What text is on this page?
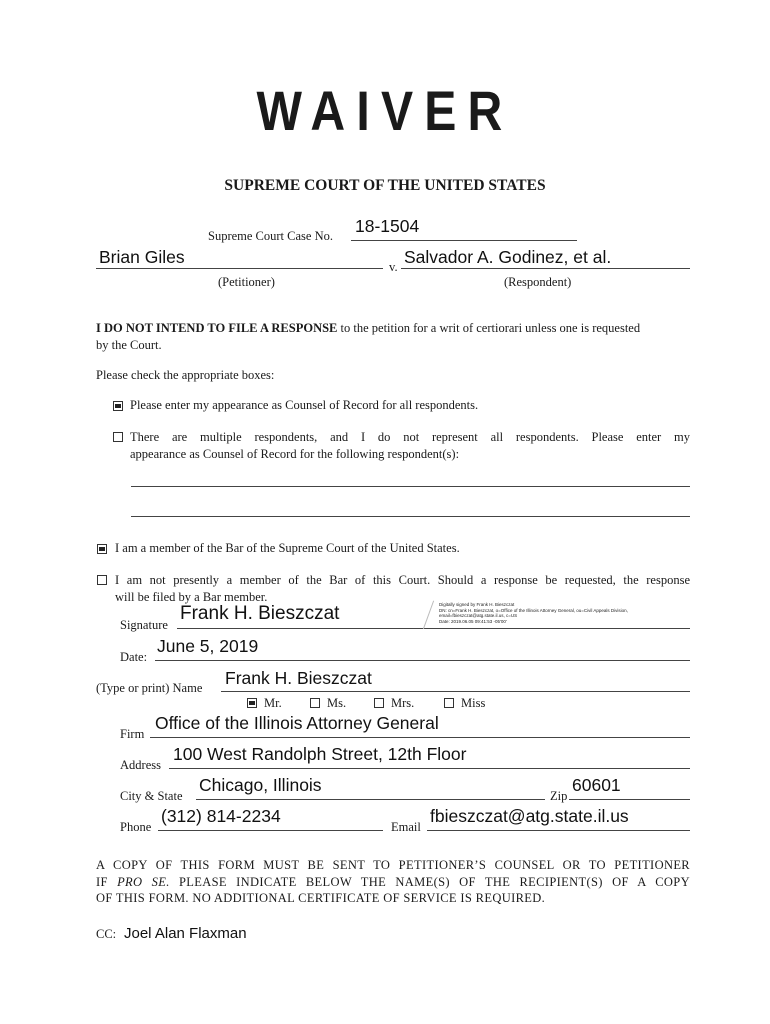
WAIVER
SUPREME COURT OF THE UNITED STATES
Supreme Court Case No. 18-1504
Brian Giles	v. Salvador A. Godinez, et al.
(Petitioner)	(Respondent)
I DO NOT INTEND TO FILE A RESPONSE to the petition for a writ of certiorari unless one is requested
by the Court.
Please check the appropriate boxes:
Please enter my appearance as Counsel of Record for all respondents.
There are multiple respondents, and I do not represent all respondents. Please enter my
appearance as Counsel of Record for the following respondent(s):
I am a member of the Bar of the Supreme Court of the United States.
I am not presently a member of the Bar of this Court. Should a response be requested, the response
will be filed by a Bar member.
Signature
Frank H. Bieszczat	Digitally signed by Frank H. Bieszczat
DN: cn=Frank H. Bieszczat, o=Office of the Illinois Attorney General, ou=Civil Appeals Division,
email=fbieszczat@atg.state.il.us, c=US
Date: 2019.06.05 09:41:53 -05'00'
Date:
June 5, 2019
(Type or print) Name Frank H. Bieszczat
Mr.	Ms.	Mrs.	Miss
Firm
Office of the Illinois Attorney General
Address
100 West Randolph Street, 12th Floor
City & State
Chicago, Illinois
Zip
60601
Phone
(312) 814-2234
Email
fbieszczat@atg.state.il.us
A COPY OF THIS FORM MUST BE SENT TO PETITIONER’S COUNSEL OR TO PETITIONER
IF PRO SE. PLEASE INDICATE BELOW THE NAME(S) OF THE RECIPIENT(S) OF A COPY
OF THIS FORM. NO ADDITIONAL CERTIFICATE OF SERVICE IS REQUIRED.
CC: Joel Alan Flaxman
